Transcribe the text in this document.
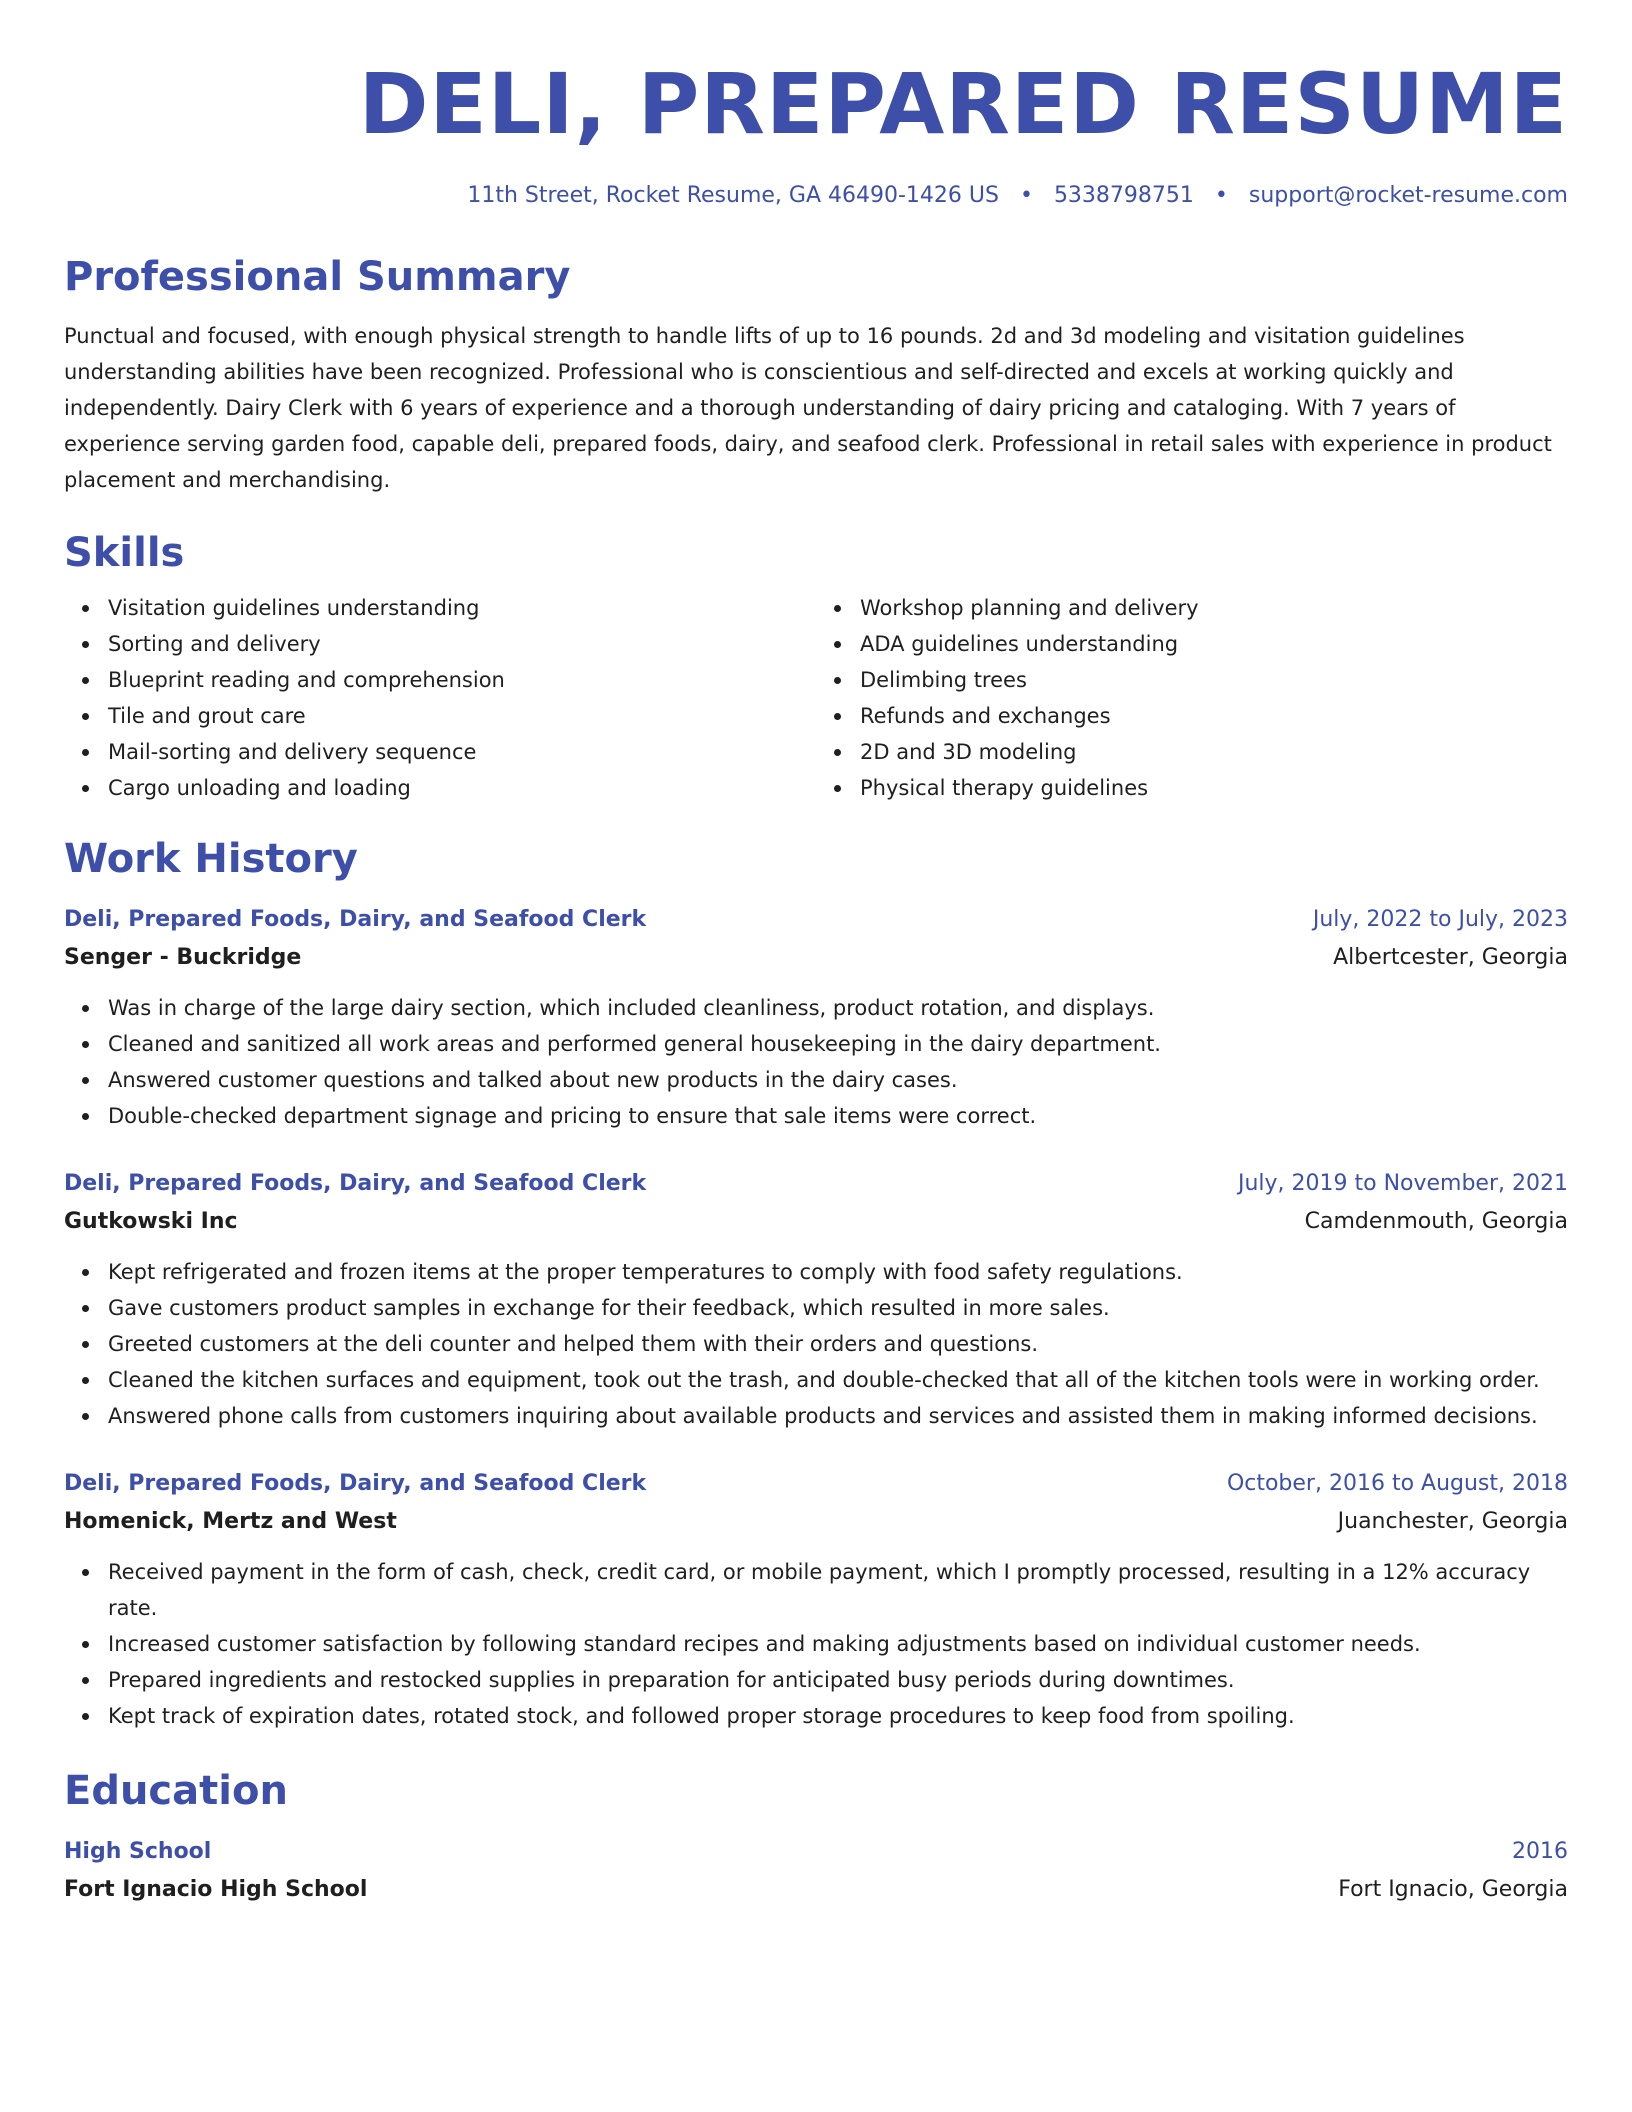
DELI, PREPARED RESUME
11th Street, Rocket Resume, GA 46490-1426 US • 5338798751 • support@rocket-resume.com
Professional Summary
Punctual and focused, with enough physical strength to handle lifts of up to 16 pounds. 2d and 3d modeling and visitation guidelines understanding abilities have been recognized. Professional who is conscientious and self-directed and excels at working quickly and independently. Dairy Clerk with 6 years of experience and a thorough understanding of dairy pricing and cataloging. With 7 years of experience serving garden food, capable deli, prepared foods, dairy, and seafood clerk. Professional in retail sales with experience in product placement and merchandising.
Skills
Visitation guidelines understanding
Sorting and delivery
Blueprint reading and comprehension
Tile and grout care
Mail-sorting and delivery sequence
Cargo unloading and loading
Workshop planning and delivery
ADA guidelines understanding
Delimbing trees
Refunds and exchanges
2D and 3D modeling
Physical therapy guidelines
Work History
Deli, Prepared Foods, Dairy, and Seafood Clerk	July, 2022 to July, 2023
Senger - Buckridge	Albertcester, Georgia
Was in charge of the large dairy section, which included cleanliness, product rotation, and displays.
Cleaned and sanitized all work areas and performed general housekeeping in the dairy department.
Answered customer questions and talked about new products in the dairy cases.
Double-checked department signage and pricing to ensure that sale items were correct.
Deli, Prepared Foods, Dairy, and Seafood Clerk	July, 2019 to November, 2021
Gutkowski Inc	Camdenmouth, Georgia
Kept refrigerated and frozen items at the proper temperatures to comply with food safety regulations.
Gave customers product samples in exchange for their feedback, which resulted in more sales.
Greeted customers at the deli counter and helped them with their orders and questions.
Cleaned the kitchen surfaces and equipment, took out the trash, and double-checked that all of the kitchen tools were in working order.
Answered phone calls from customers inquiring about available products and services and assisted them in making informed decisions.
Deli, Prepared Foods, Dairy, and Seafood Clerk	October, 2016 to August, 2018
Homenick, Mertz and West	Juanchester, Georgia
Received payment in the form of cash, check, credit card, or mobile payment, which I promptly processed, resulting in a 12% accuracy rate.
Increased customer satisfaction by following standard recipes and making adjustments based on individual customer needs.
Prepared ingredients and restocked supplies in preparation for anticipated busy periods during downtimes.
Kept track of expiration dates, rotated stock, and followed proper storage procedures to keep food from spoiling.
Education
High School	2016
Fort Ignacio High School	Fort Ignacio, Georgia
